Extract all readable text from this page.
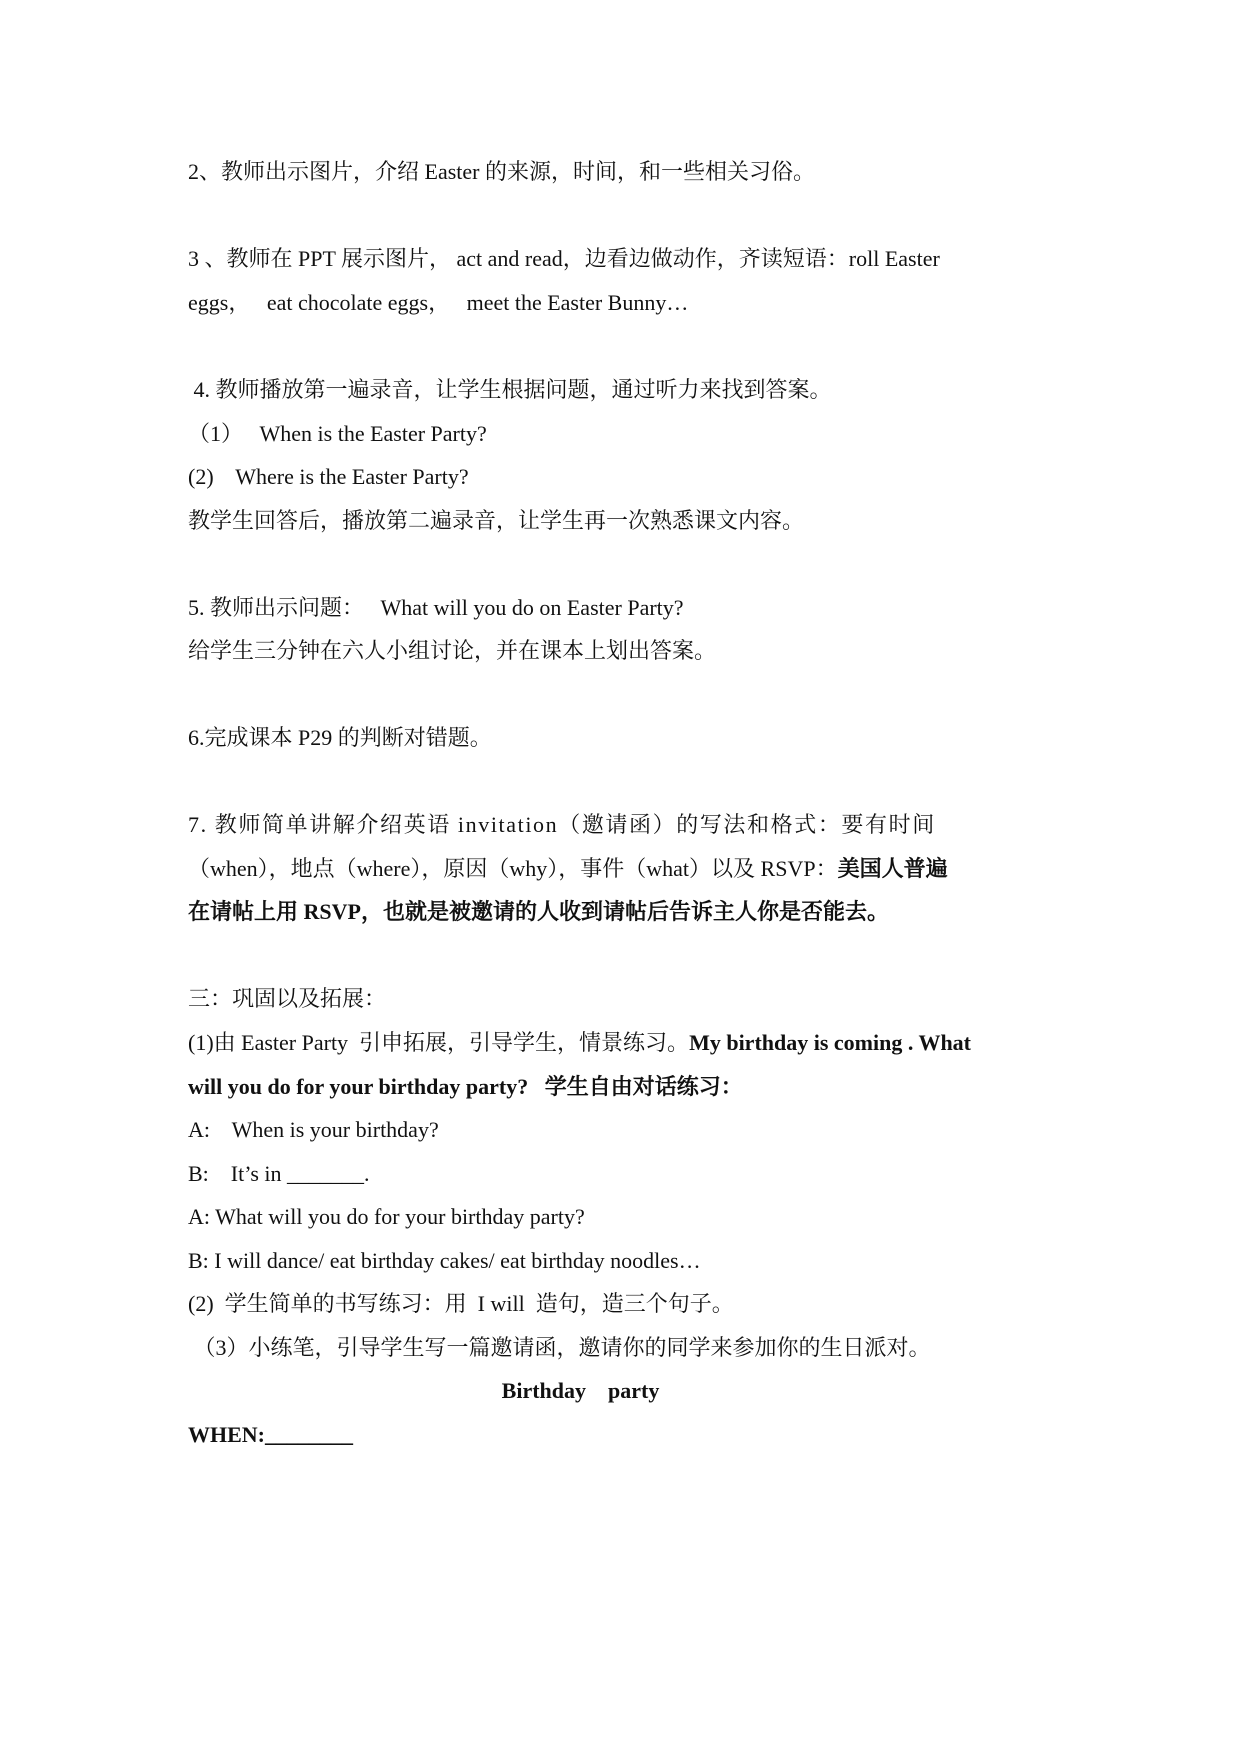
2、教师出示图片，介绍 Easter 的来源，时间，和一些相关习俗。
3 、教师在 PPT 展示图片， act and read，边看边做动作，齐读短语：roll Easter
eggs，   eat chocolate eggs，   meet the Easter Bunny…
4. 教师播放第一遍录音，让学生根据问题，通过听力来找到答案。
（1）   When is the Easter Party?
(2)    Where is the Easter Party?
教学生回答后，播放第二遍录音，让学生再一次熟悉课文内容。
5. 教师出示问题：   What will you do on Easter Party?
给学生三分钟在六人小组讨论，并在课本上划出答案。
6.完成课本 P29 的判断对错题。
7. 教师简单讲解介绍英语 invitation（邀请函）的写法和格式：要有时间
（when），地点（where），原因（why），事件（what）以及 RSVP：美国人普遍
在请帖上用 RSVP，也就是被邀请的人收到请帖后告诉主人你是否能去。
三：巩固以及拓展：
(1)由 Easter Party  引申拓展，引导学生，情景练习。My birthday is coming . What
will you do for your birthday party?   学生自由对话练习：
A:    When is your birthday?
B:    It’s in _______.
A: What will you do for your birthday party?
B: I will dance/ eat birthday cakes/ eat birthday noodles…
(2)  学生简单的书写练习：用  I will  造句，造三个句子。
（3）小练笔，引导学生写一篇邀请函，邀请你的同学来参加你的生日派对。
Birthday    party
WHEN:________
